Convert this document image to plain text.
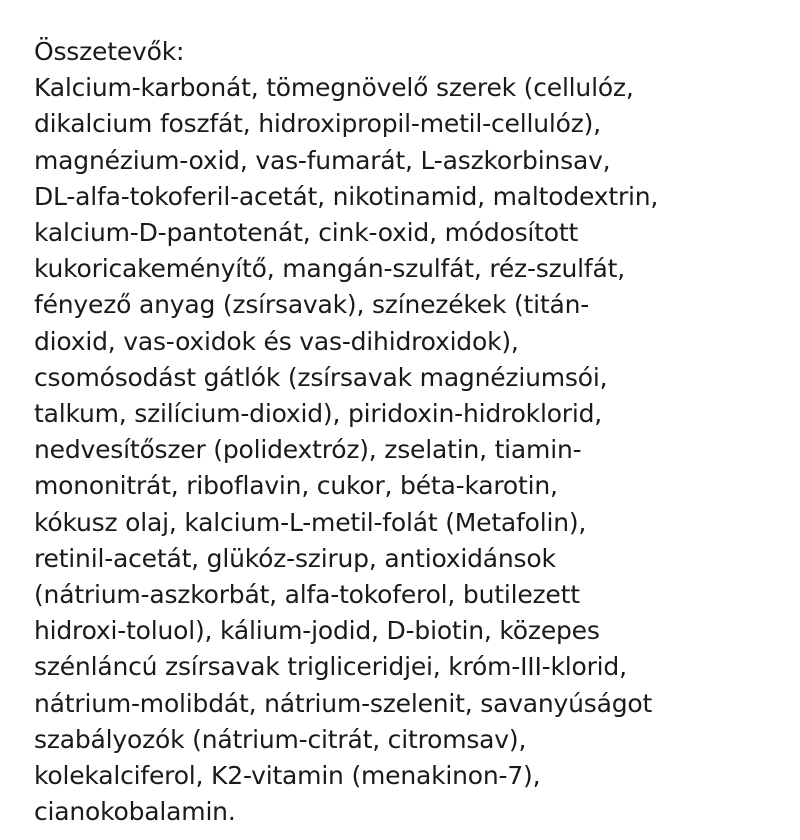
Összetevők:
Kalcium-karbonát, tömegnövelő szerek (cellulóz,
dikalcium foszfát, hidroxipropil-metil-cellulóz),
magnézium-oxid, vas-fumarát, L-aszkorbinsav,
DL-alfa-tokoferil-acetát, nikotinamid, maltodextrin,
kalcium-D-pantotenát, cink-oxid, módosított
kukoricakeményítő, mangán-szulfát, réz-szulfát,
fényező anyag (zsírsavak), színezékek (titán-
dioxid, vas-oxidok és vas-dihidroxidok),
csomósodást gátlók (zsírsavak magnéziumsói,
talkum, szilícium-dioxid), piridoxin-hidroklorid,
nedvesítőszer (polidextróz), zselatin, tiamin-
mononitrát, riboflavin, cukor, béta-karotin,
kókusz olaj, kalcium-L-metil-folát (Metafolin),
retinil-acetát, glükóz-szirup, antioxidánsok
(nátrium-aszkorbát, alfa-tokoferol, butilezett
hidroxi-toluol), kálium-jodid, D-biotin, közepes
szénláncú zsírsavak trigliceridjei, króm-III-klorid,
nátrium-molibdát, nátrium-szelenit, savanyúságot
szabályozók (nátrium-citrát, citromsav),
kolekalciferol, K2-vitamin (menakinon-7),
cianokobalamin.
